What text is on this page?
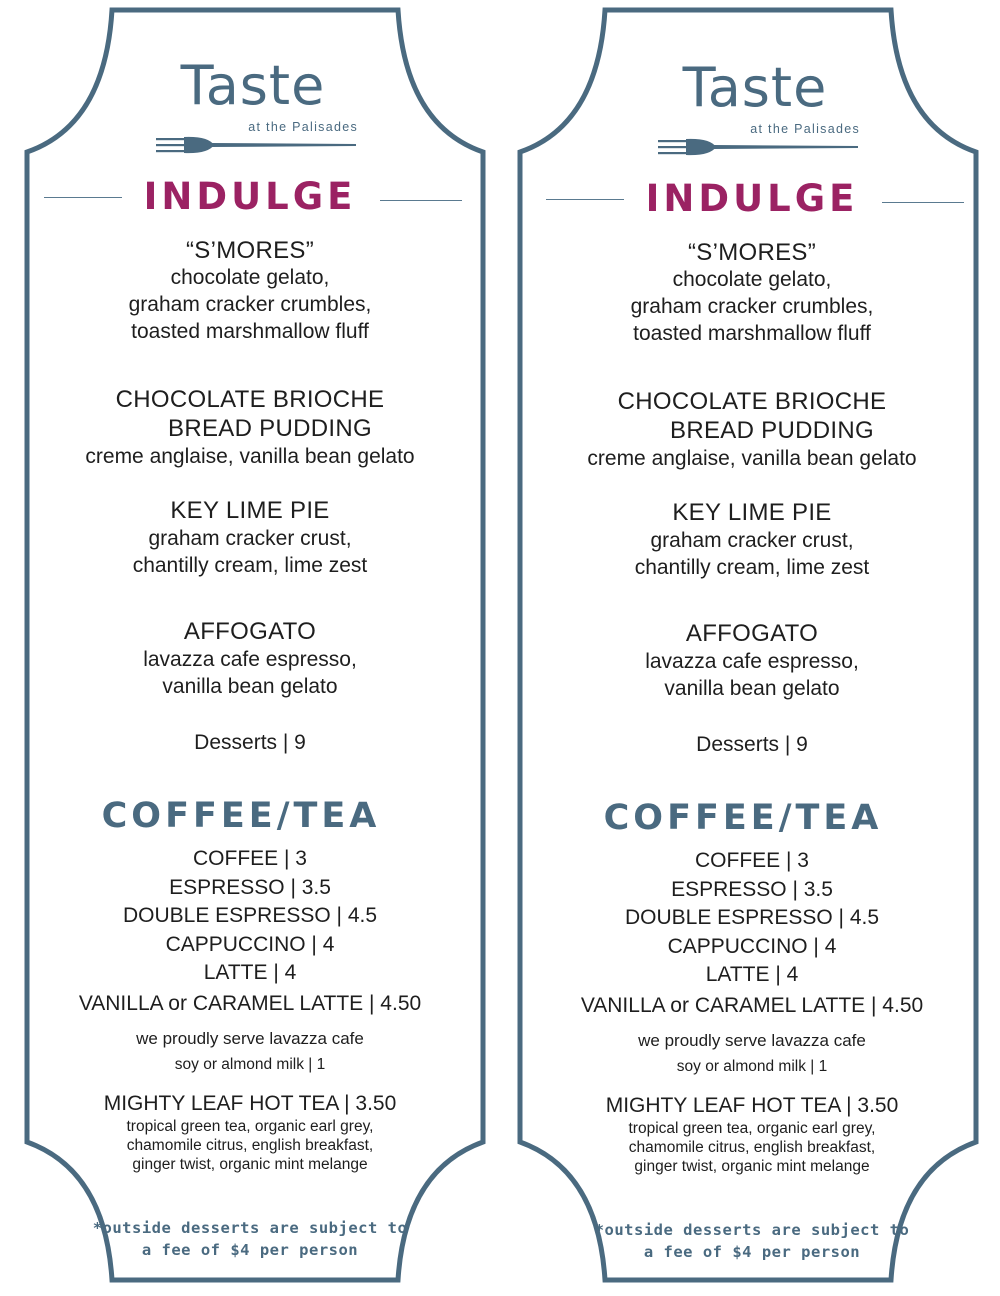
Taste
at the Palisades
INDULGE
“S’MORES”
chocolate gelato,
graham cracker crumbles,
toasted marshmallow fluff
CHOCOLATE BRIOCHE
BREAD PUDDING
creme anglaise, vanilla bean gelato
KEY LIME PIE
graham cracker crust,
chantilly cream, lime zest
AFFOGATO
lavazza cafe espresso,
vanilla bean gelato
Desserts | 9
COFFEE/TEA
COFFEE | 3
ESPRESSO | 3.5
DOUBLE ESPRESSO | 4.5
CAPPUCCINO | 4
LATTE | 4
VANILLA or CARAMEL LATTE | 4.50
we proudly serve lavazza cafe
soy or almond milk | 1
MIGHTY LEAF HOT TEA | 3.50
tropical green tea, organic earl grey,
chamomile citrus, english breakfast,
ginger twist, organic mint melange
*outside desserts are subject to
a fee of $4 per person
Taste
at the Palisades
INDULGE
“S’MORES”
chocolate gelato,
graham cracker crumbles,
toasted marshmallow fluff
CHOCOLATE BRIOCHE
BREAD PUDDING
creme anglaise, vanilla bean gelato
KEY LIME PIE
graham cracker crust,
chantilly cream, lime zest
AFFOGATO
lavazza cafe espresso,
vanilla bean gelato
Desserts | 9
COFFEE/TEA
COFFEE | 3
ESPRESSO | 3.5
DOUBLE ESPRESSO | 4.5
CAPPUCCINO | 4
LATTE | 4
VANILLA or CARAMEL LATTE | 4.50
we proudly serve lavazza cafe
soy or almond milk | 1
MIGHTY LEAF HOT TEA | 3.50
tropical green tea, organic earl grey,
chamomile citrus, english breakfast,
ginger twist, organic mint melange
*outside desserts are subject to
a fee of $4 per person
